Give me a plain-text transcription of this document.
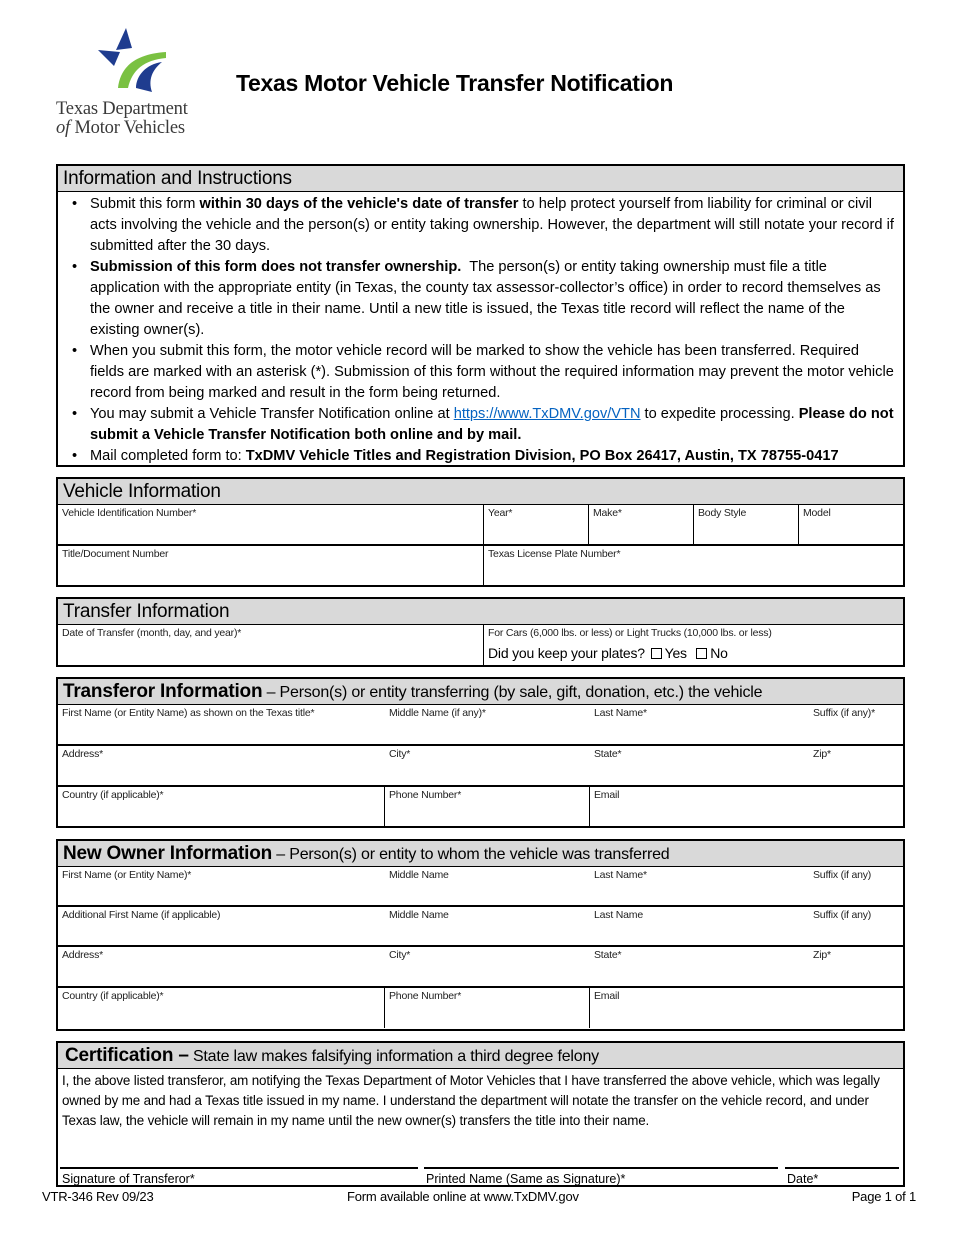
Texas Department
of Motor Vehicles
Texas Motor Vehicle Transfer Notification
Information and Instructions
• Submit this form within 30 days of the vehicle's date of transfer to help protect yourself from liability for criminal or civil acts involving the vehicle and the person(s) or entity taking ownership. However, the department will still notate your record if submitted after the 30 days.
• Submission of this form does not transfer ownership.  The person(s) or entity taking ownership must file a title application with the appropriate entity (in Texas, the county tax assessor-collector’s office) in order to record themselves as the owner and receive a title in their name. Until a new title is issued, the Texas title record will reflect the name of the existing owner(s).
• When you submit this form, the motor vehicle record will be marked to show the vehicle has been transferred. Required fields are marked with an asterisk (*). Submission of this form without the required information may prevent the motor vehicle record from being marked and result in the form being returned.
• You may submit a Vehicle Transfer Notification online at https://www.TxDMV.gov/VTN to expedite processing. Please do not submit a Vehicle Transfer Notification both online and by mail.
• Mail completed form to: TxDMV Vehicle Titles and Registration Division, PO Box 26417, Austin, TX 78755-0417
Vehicle Information
Vehicle Identification Number*	Year*	Make*	Body Style	Model
Title/Document Number	Texas License Plate Number*
Transfer Information
Date of Transfer (month, day, and year)*	For Cars (6,000 lbs. or less) or Light Trucks (10,000 lbs. or less)
Did you keep your plates? Yes No
Transferor Information – Person(s) or entity transferring (by sale, gift, donation, etc.) the vehicle
First Name (or Entity Name) as shown on the Texas title*	Middle Name (if any)*	Last Name*	Suffix (if any)*
Address*	City*	State*	Zip*
Country (if applicable)*	Phone Number*	Email
New Owner Information – Person(s) or entity to whom the vehicle was transferred
First Name (or Entity Name)*	Middle Name	Last Name*	Suffix (if any)
Additional First Name (if applicable)	Middle Name	Last Name	Suffix (if any)
Address*	City*	State*	Zip*
Country (if applicable)*	Phone Number*	Email
Certification – State law makes falsifying information a third degree felony
I, the above listed transferor, am notifying the Texas Department of Motor Vehicles that I have transferred the above vehicle, which was legally owned by me and had a Texas title issued in my name. I understand the department will notate the transfer on the vehicle record, and under Texas law, the vehicle will remain in my name until the new owner(s) transfers the title into their name.
Signature of Transferor*	Printed Name (Same as Signature)*	Date*
VTR-346 Rev 09/23	Form available online at www.TxDMV.gov	Page 1 of 1
